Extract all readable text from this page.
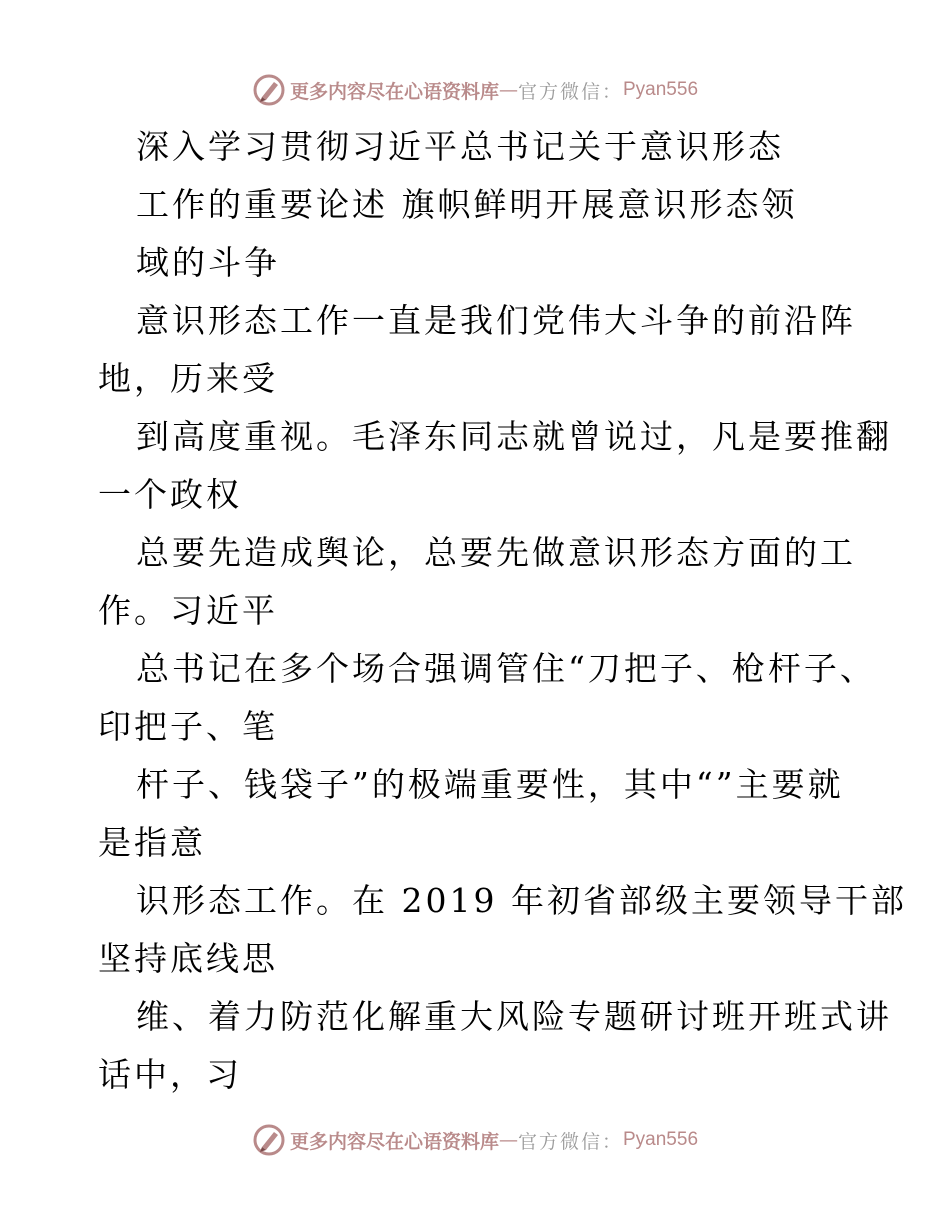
更多内容尽在心语资料库 — 官方微信： Pyan556
深入学习贯彻习近平总书记关于意识形态
工作的重要论述 旗帜鲜明开展意识形态领
域的斗争
意识形态工作一直是我们党伟大斗争的前沿阵
地，历来受
到高度重视。毛泽东同志就曾说过，凡是要推翻
一个政权
总要先造成舆论，总要先做意识形态方面的工
作。习近平
总书记在多个场合强调管住“刀把子、枪杆子、
印把子、笔
杆子、钱袋子”的极端重要性，其中“”主要就
是指意
识形态工作。在 2019 年初省部级主要领导干部
坚持底线思
维、着力防范化解重大风险专题研讨班开班式讲
话中，习
更多内容尽在心语资料库 — 官方微信： Pyan556
